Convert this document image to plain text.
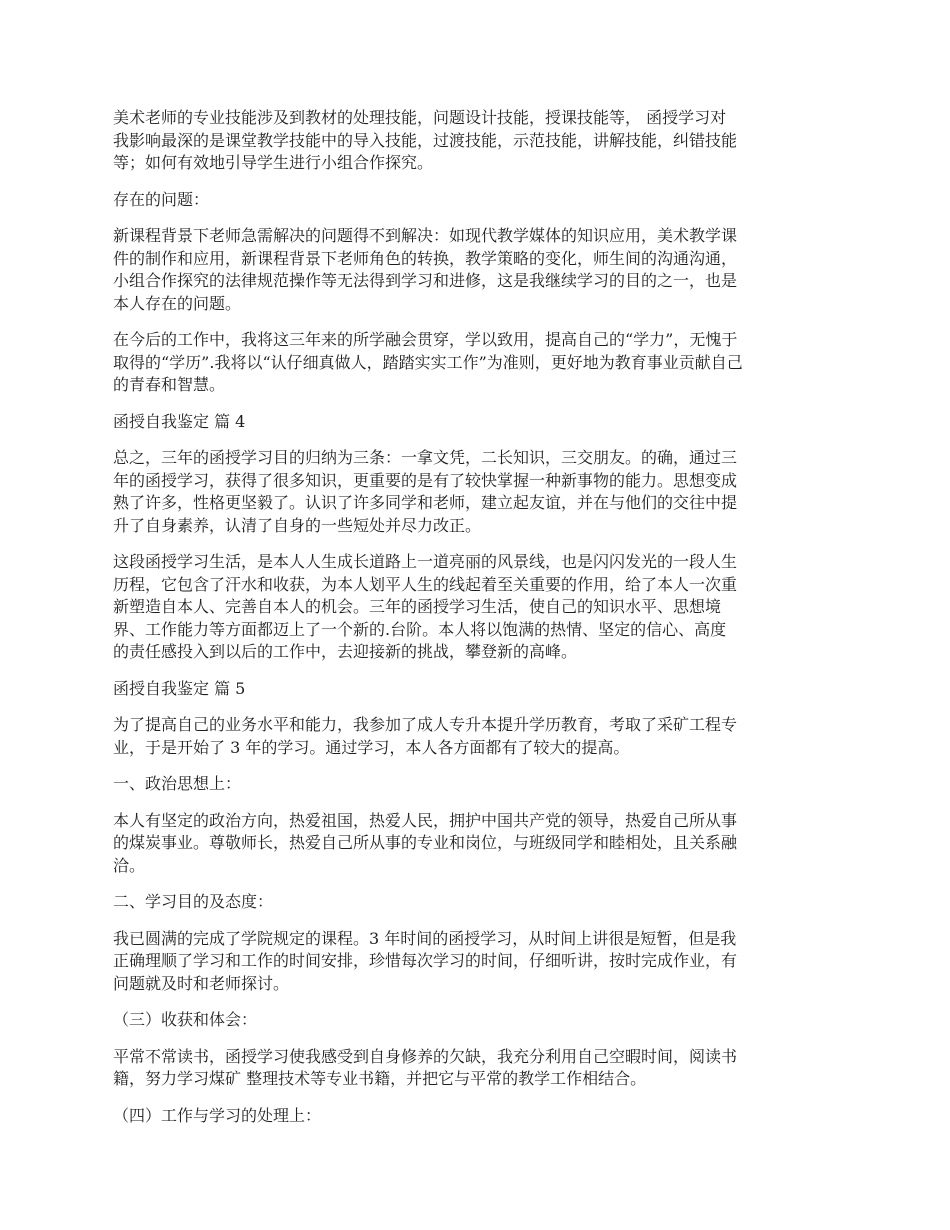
美术老师的专业技能涉及到教材的处理技能，问题设计技能，授课技能等， 函授学习对
我影响最深的是课堂教学技能中的导入技能，过渡技能，示范技能，讲解技能，纠错技能
等；如何有效地引导学生进行小组合作探究。

存在的问题：

新课程背景下老师急需解决的问题得不到解决：如现代教学媒体的知识应用，美术教学课
件的制作和应用，新课程背景下老师角色的转换，教学策略的变化，师生间的沟通沟通，
小组合作探究的法律规范操作等无法得到学习和进修，这是我继续学习的目的之一，也是
本人存在的问题。

在今后的工作中，我将这三年来的所学融会贯穿，学以致用，提高自己的“学力”，无愧于
取得的“学历”.我将以“认仔细真做人，踏踏实实工作”为准则，更好地为教育事业贡献自己
的青春和智慧。

函授自我鉴定 篇 4

总之，三年的函授学习目的归纳为三条：一拿文凭，二长知识，三交朋友。的确，通过三
年的函授学习，获得了很多知识，更重要的是有了较快掌握一种新事物的能力。思想变成
熟了许多，性格更坚毅了。认识了许多同学和老师，建立起友谊，并在与他们的交往中提
升了自身素养，认清了自身的一些短处并尽力改正。

这段函授学习生活，是本人人生成长道路上一道亮丽的风景线，也是闪闪发光的一段人生
历程，它包含了汗水和收获，为本人划平人生的线起着至关重要的作用，给了本人一次重
新塑造自本人、完善自本人的机会。三年的函授学习生活，使自己的知识水平、思想境
界、工作能力等方面都迈上了一个新的.台阶。本人将以饱满的热情、坚定的信心、高度
的责任感投入到以后的工作中，去迎接新的挑战，攀登新的高峰。

函授自我鉴定 篇 5

为了提高自己的业务水平和能力，我参加了成人专升本提升学历教育，考取了采矿工程专
业，于是开始了 3 年的学习。通过学习，本人各方面都有了较大的提高。

一、政治思想上：

本人有坚定的政治方向，热爱祖国，热爱人民，拥护中国共产党的领导，热爱自己所从事
的煤炭事业。尊敬师长，热爱自己所从事的专业和岗位，与班级同学和睦相处，且关系融
洽。

二、学习目的及态度：

我已圆满的完成了学院规定的课程。3 年时间的函授学习，从时间上讲很是短暂，但是我
正确理顺了学习和工作的时间安排，珍惜每次学习的时间，仔细听讲，按时完成作业，有
问题就及时和老师探讨。

（三）收获和体会：

平常不常读书，函授学习使我感受到自身修养的欠缺，我充分利用自己空暇时间，阅读书
籍，努力学习煤矿 整理技术等专业书籍，并把它与平常的教学工作相结合。

（四）工作与学习的处理上：
